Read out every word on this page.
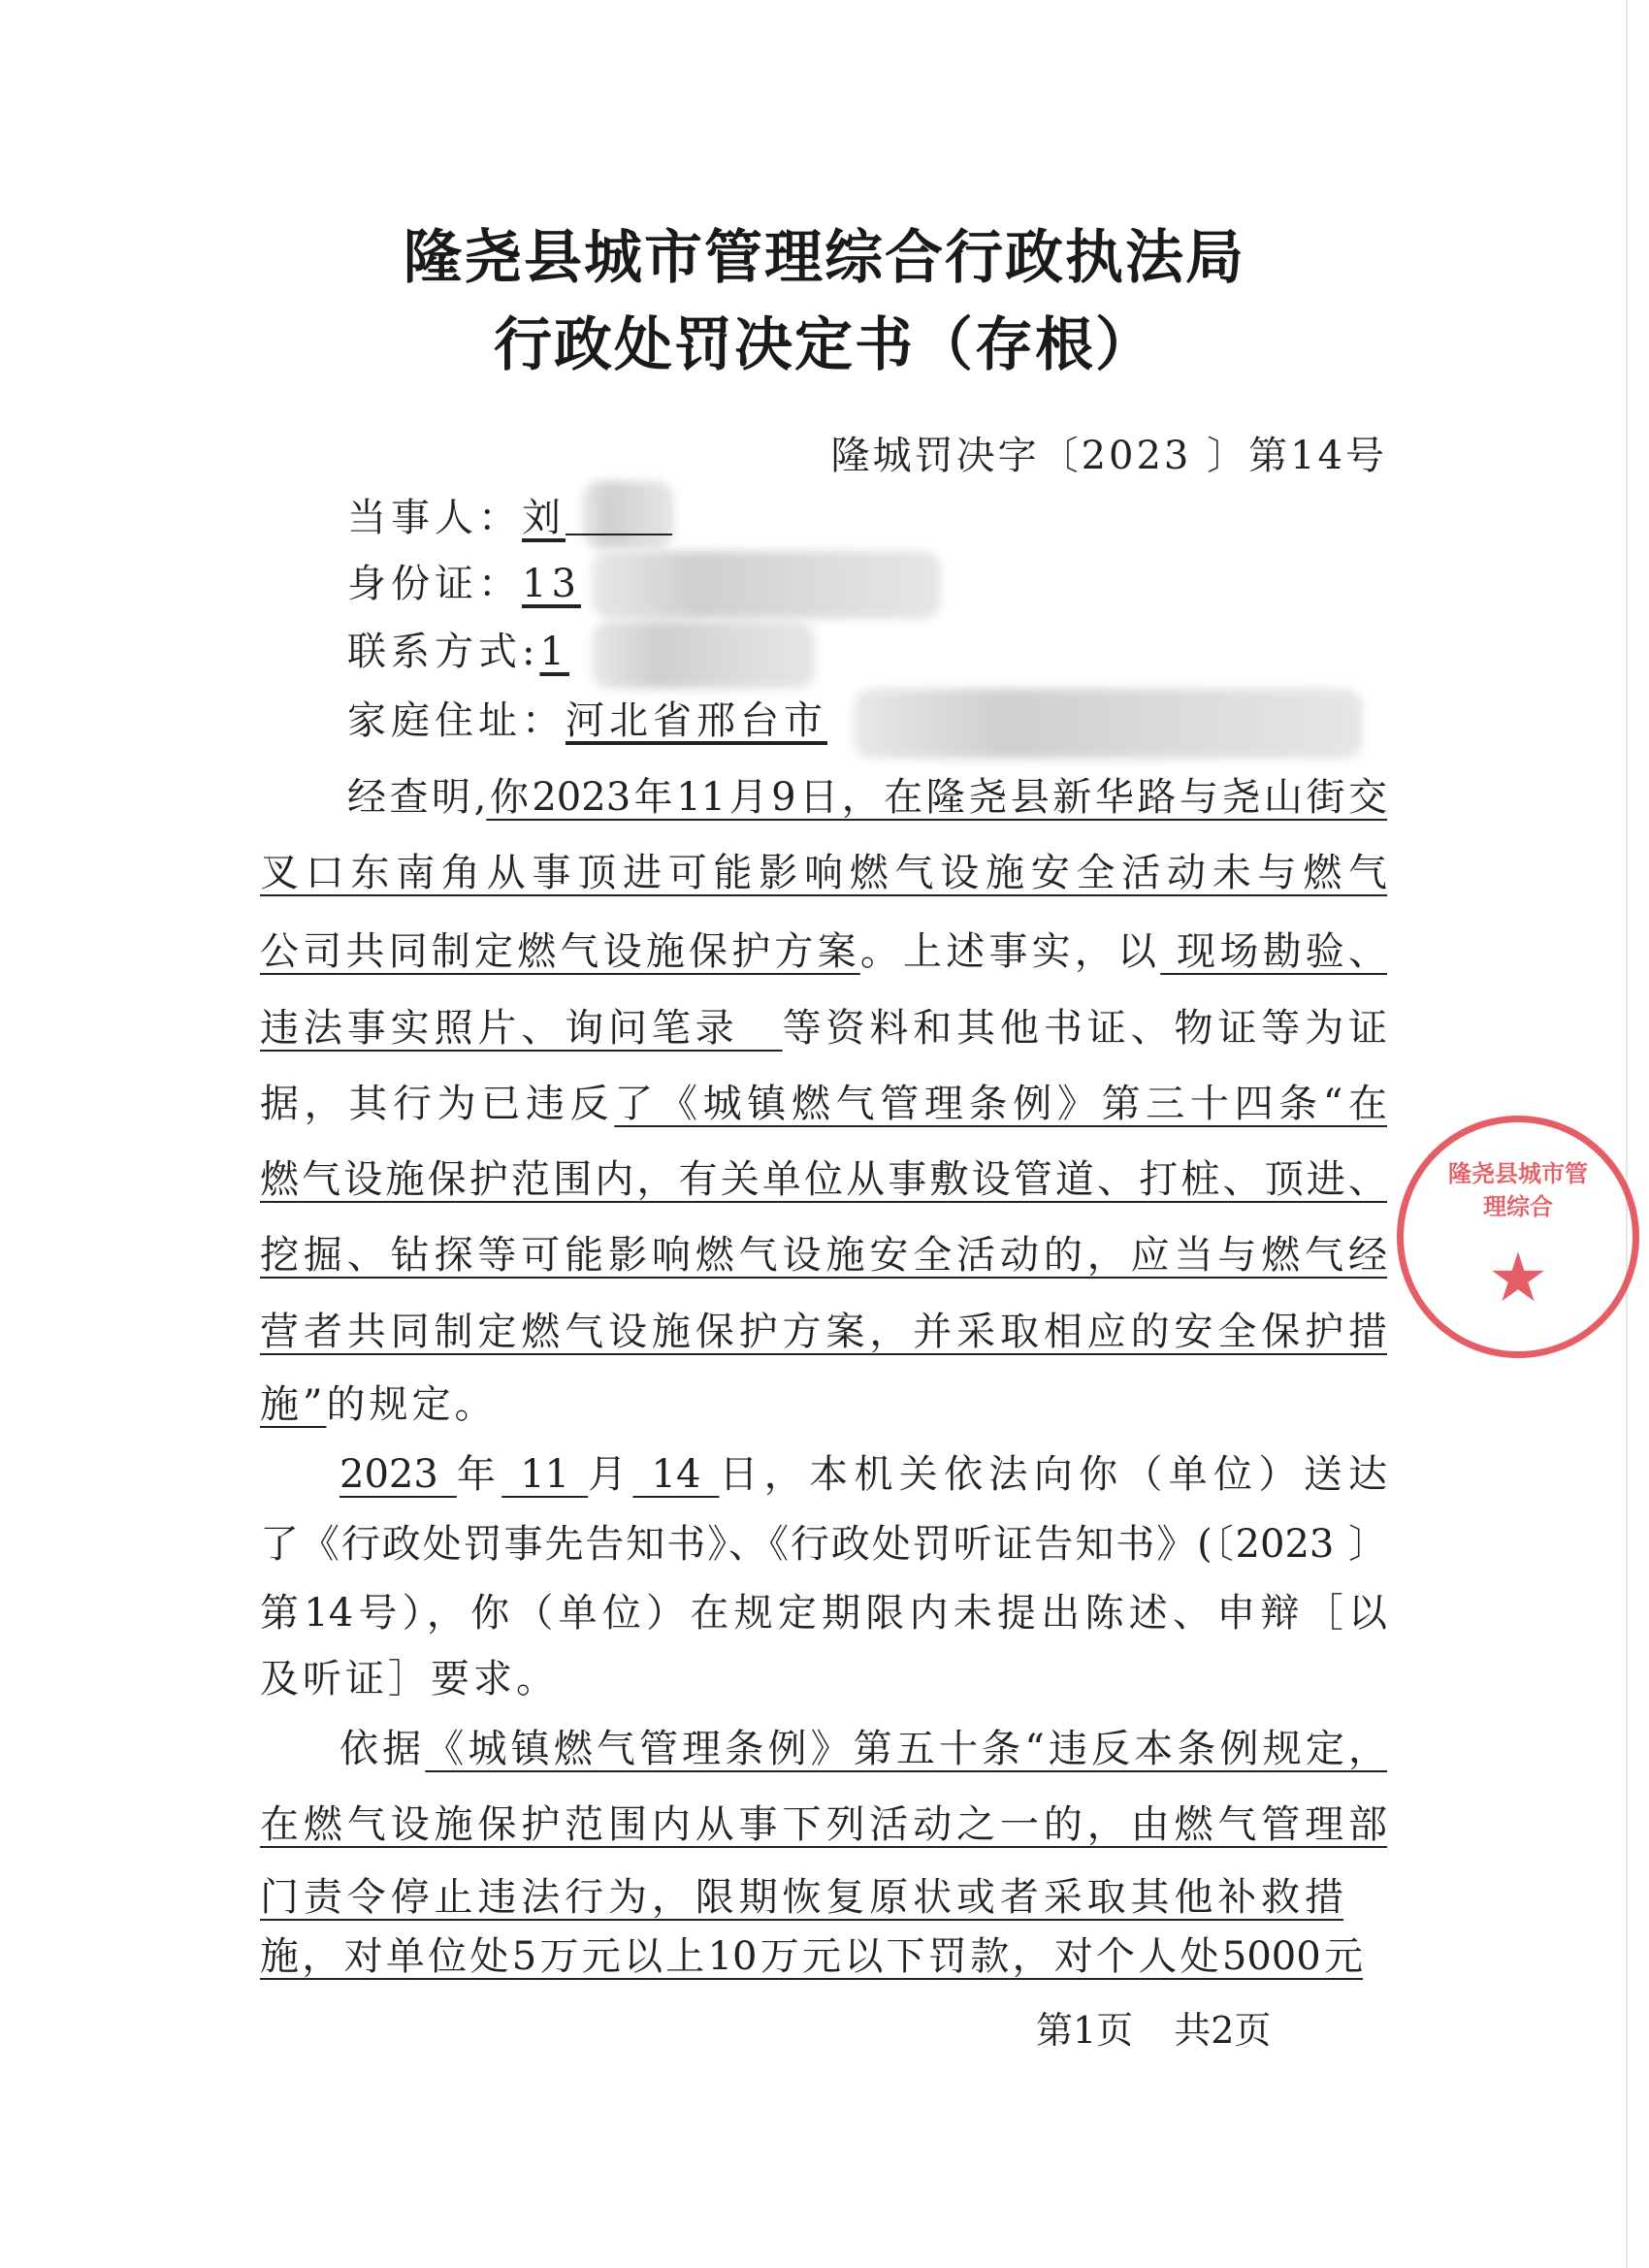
隆尧县城市管理综合行政执法局
行政处罚决定书（存根）
隆城罚决字〔2023 〕第14号
当事人：刘
身份证：13
联系方式:1
家庭住址：河北省邢台市
经查明,你2023年11月9日，在隆尧县新华路与尧山街交
叉口东南角从事顶进可能影响燃气设施安全活动未与燃气
公司共同制定燃气设施保护方案。上述事实，以 现场勘验、
违法事实照片、询问笔录　等资料和其他书证、物证等为证
据，其行为已违反了《城镇燃气管理条例》第三十四条“在
燃气设施保护范围内，有关单位从事敷设管道、打桩、顶进、
挖掘、钻探等可能影响燃气设施安全活动的，应当与燃气经
营者共同制定燃气设施保护方案，并采取相应的安全保护措
施”的规定。
2023 年 11 月 14 日，本机关依法向你（单位）送达
了《行政处罚事先告知书》、《行政处罚听证告知书》(〔2023 〕
第14号），你（单位）在规定期限内未提出陈述、申辩［以
及听证］要求。
依据《城镇燃气管理条例》第五十条“违反本条例规定，
在燃气设施保护范围内从事下列活动之一的，由燃气管理部
门责令停止违法行为，限期恢复原状或者采取其他补救措
施，对单位处5万元以上10万元以下罚款，对个人处5000元
隆尧县城市管理综合
★
第1页 共2页
